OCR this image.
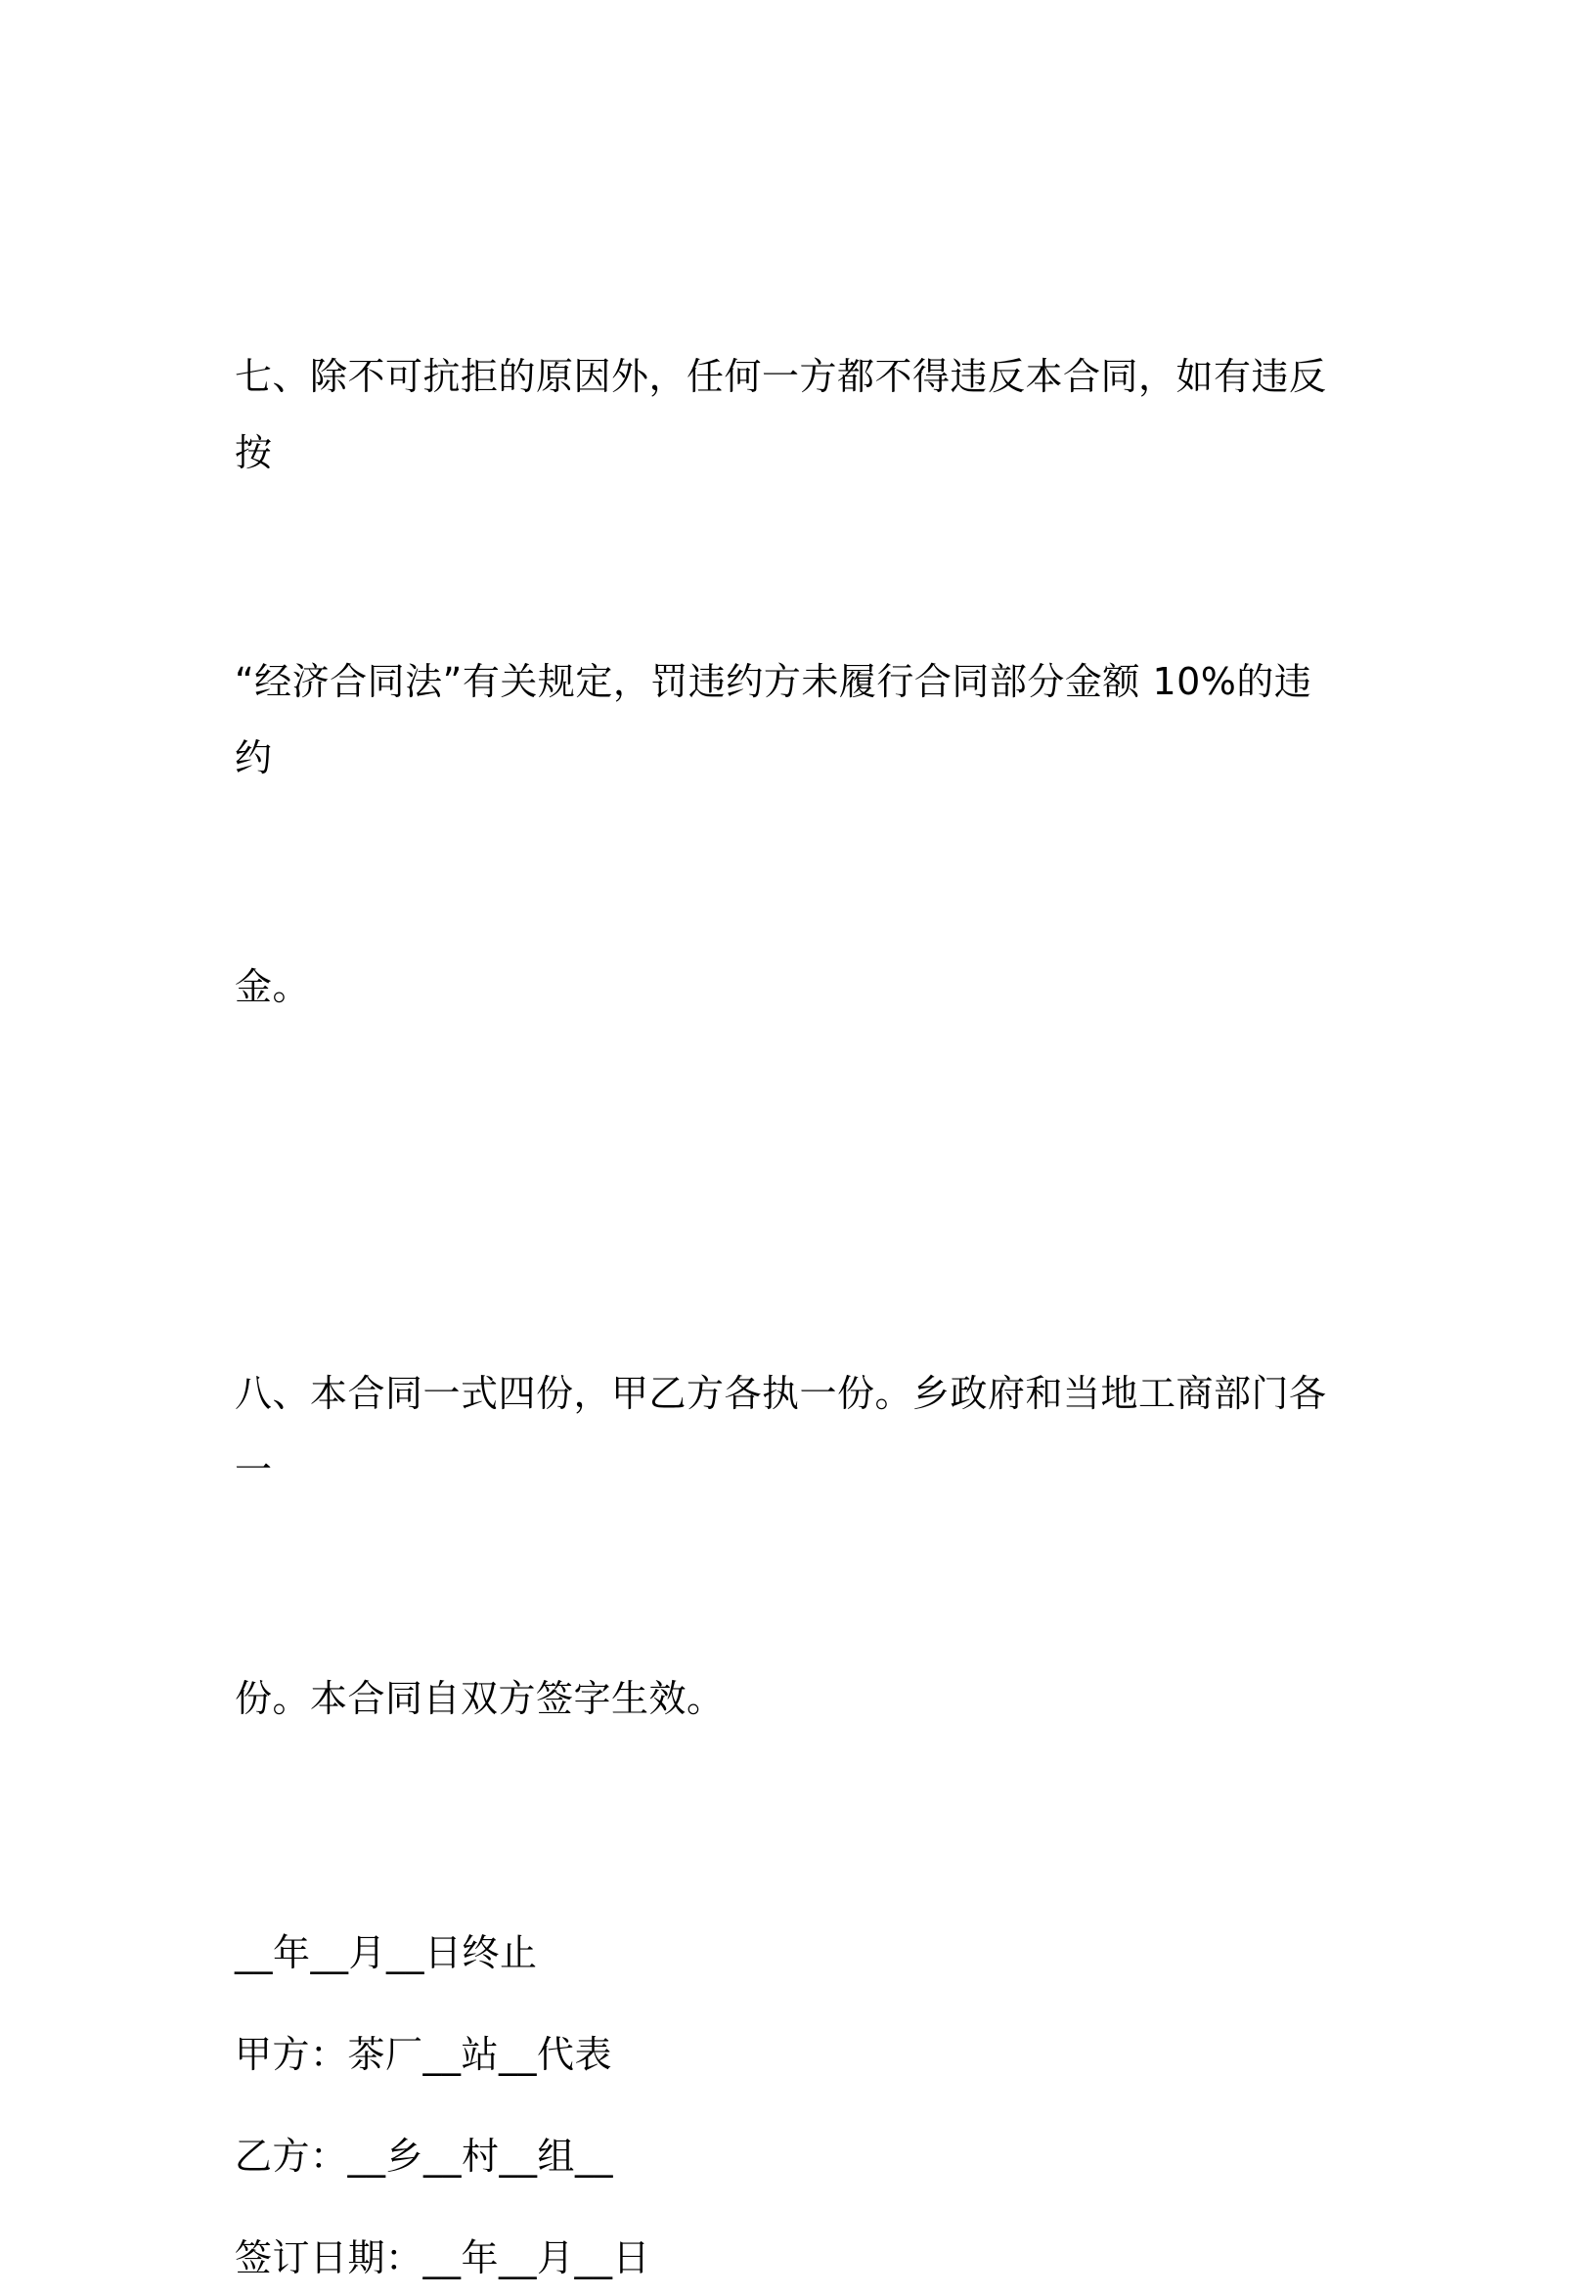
七、除不可抗拒的原因外，任何一方都不得违反本合同，如有违反按

“经济合同法”有关规定，罚违约方未履行合同部分金额 10%的违约

金。

八、本合同一式四份，甲乙方各执一份。乡政府和当地工商部门各一

份。本合同自双方签字生效。

__年__月__日终止

甲方：茶厂__站__代表

乙方：__乡__村__组__

签订日期：__年__月__日
